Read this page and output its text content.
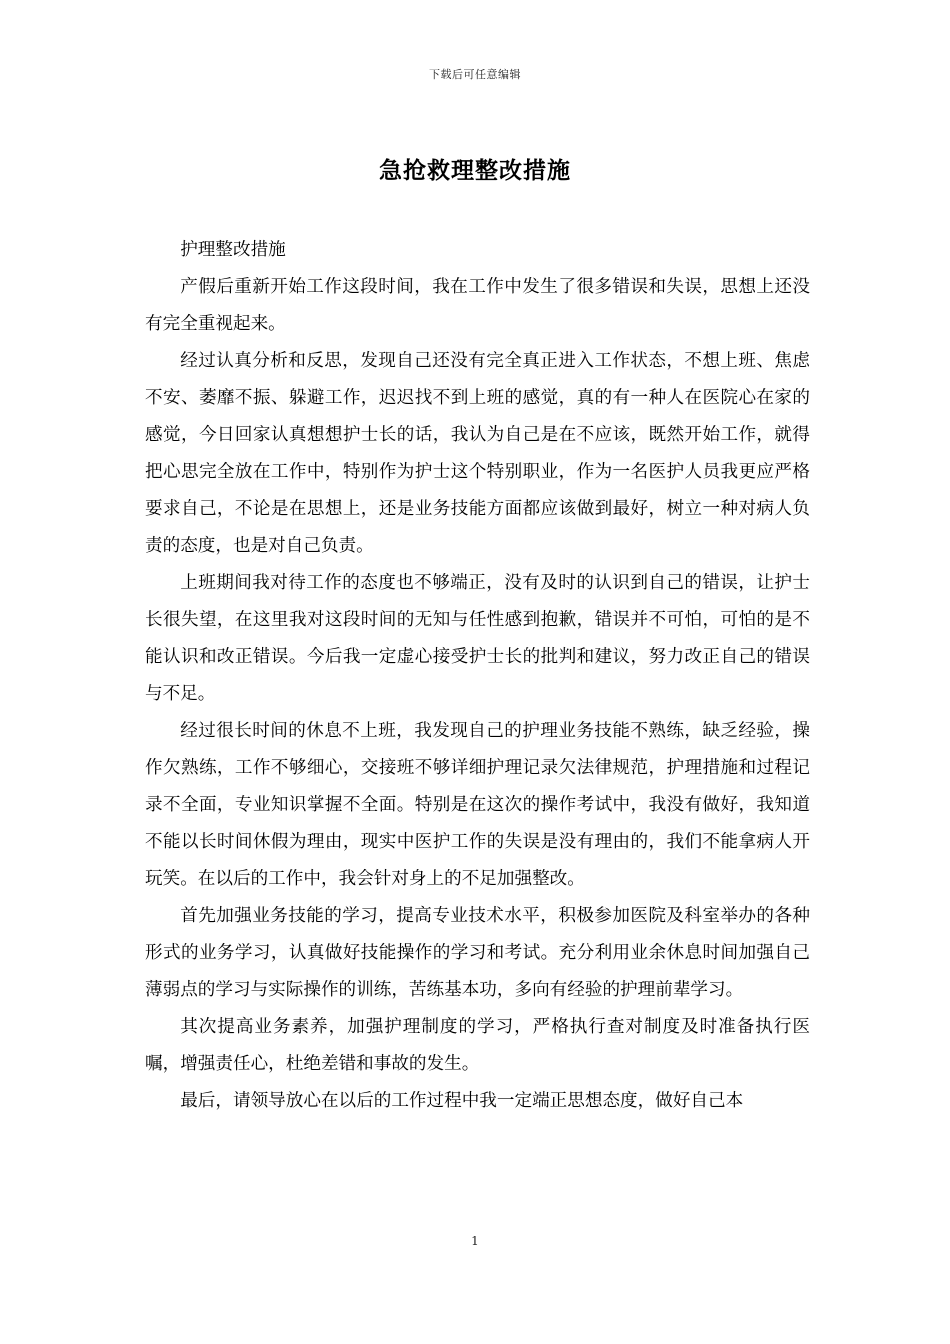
下载后可任意编辑
急抢救理整改措施

护理整改措施

产假后重新开始工作这段时间，我在工作中发生了很多错误和失误，思想上还没有完全重视起来。

经过认真分析和反思，发现自己还没有完全真正进入工作状态，不想上班、焦虑不安、萎靡不振、躲避工作，迟迟找不到上班的感觉，真的有一种人在医院心在家的感觉，今日回家认真想想护士长的话，我认为自己是在不应该，既然开始工作，就得把心思完全放在工作中，特别作为护士这个特别职业，作为一名医护人员我更应严格要求自己，不论是在思想上，还是业务技能方面都应该做到最好，树立一种对病人负责的态度，也是对自己负责。

上班期间我对待工作的态度也不够端正，没有及时的认识到自己的错误，让护士长很失望，在这里我对这段时间的无知与任性感到抱歉，错误并不可怕，可怕的是不能认识和改正错误。今后我一定虚心接受护士长的批判和建议，努力改正自己的错误与不足。

经过很长时间的休息不上班，我发现自己的护理业务技能不熟练，缺乏经验，操作欠熟练，工作不够细心，交接班不够详细护理记录欠法律规范，护理措施和过程记录不全面，专业知识掌握不全面。特别是在这次的操作考试中，我没有做好，我知道不能以长时间休假为理由，现实中医护工作的失误是没有理由的，我们不能拿病人开玩笑。在以后的工作中，我会针对身上的不足加强整改。

首先加强业务技能的学习，提高专业技术水平，积极参加医院及科室举办的各种形式的业务学习，认真做好技能操作的学习和考试。充分利用业余休息时间加强自己薄弱点的学习与实际操作的训练，苦练基本功，多向有经验的护理前辈学习。

其次提高业务素养，加强护理制度的学习，严格执行查对制度及时准备执行医嘱，增强责任心，杜绝差错和事故的发生。

最后，请领导放心在以后的工作过程中我一定端正思想态度，做好自己本

1
